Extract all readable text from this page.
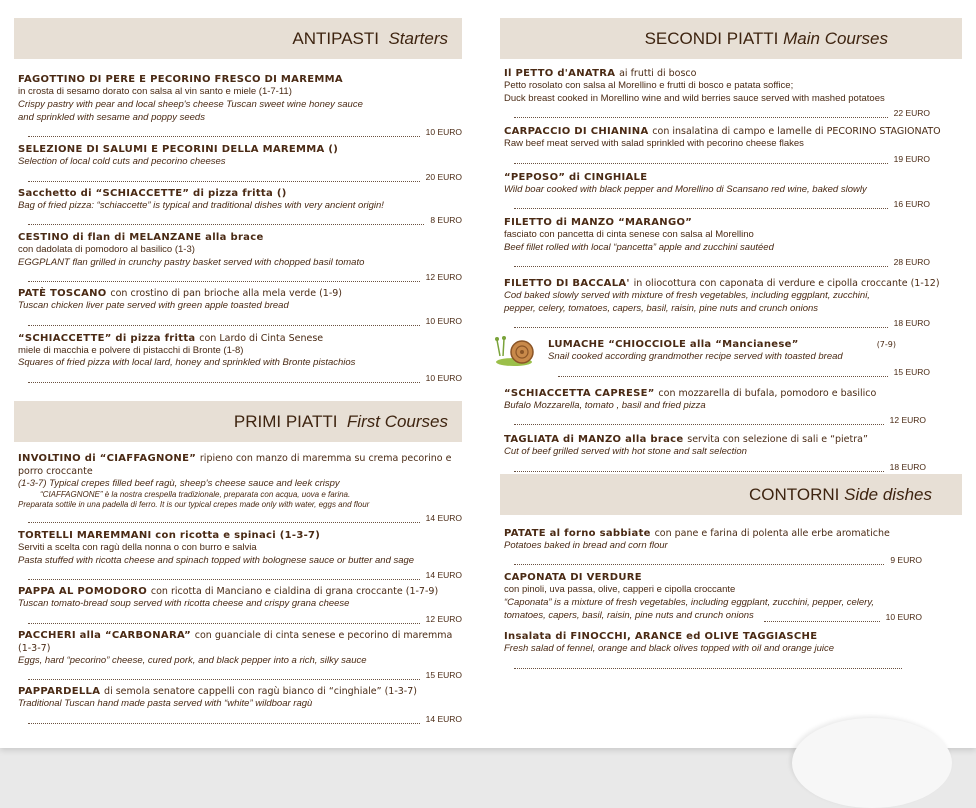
ANTIPASTI Starters
FAGOTTINO DI PERE E PECORINO FRESCO DI MAREMMA
in crosta di sesamo dorato con salsa al vin santo e miele (1-7-11)
Crispy pastry with pear and local sheep's cheese Tuscan sweet wine honey sauce
and sprinkled with sesame and poppy seeds
10 EURO
SELEZIONE DI SALUMI E PECORINI DELLA MAREMMA ()
Selection of local cold cuts and pecorino cheeses
20 EURO
Sacchetto di “SCHIACCETTE” di pizza fritta ()
Bag of fried pizza: “schiaccette” is typical and traditional dishes with very ancient origin!
8 EURO
CESTINO di flan di MELANZANE alla brace
con dadolata di pomodoro al basilico (1-3)
EGGPLANT flan grilled in crunchy pastry basket served with chopped basil tomato
12 EURO
PATÈ TOSCANO con crostino di pan brioche alla mela verde (1-9)
Tuscan chicken liver pate served with green apple toasted bread
10 EURO
“SCHIACCETTE” di pizza fritta con Lardo di Cinta Senese
miele di macchia e polvere di pistacchi di Bronte (1-8)
Squares of fried pizza with local lard, honey and sprinkled with Bronte pistachios
10 EURO
PRIMI PIATTI First Courses
INVOLTINO di “CIAFFAGNONE” ripieno con manzo di maremma su crema pecorino e porro croccante
(1-3-7) Typical crepes filled beef ragù, sheep's cheese sauce and leek crispy
“CIAFFAGNONE” è la nostra crespella tradizionale, preparata con acqua, uova e farina.
Preparata sottile in una padella di ferro. It is our typical crepes made only with water, eggs and flour
14 EURO
TORTELLI MAREMMANI con ricotta e spinaci (1-3-7)
Serviti a scelta con ragù della nonna o con burro e salvia
Pasta stuffed with ricotta cheese and spinach topped with bolognese sauce or butter and sage
14 EURO
PAPPA AL POMODORO con ricotta di Manciano e cialdina di grana croccante (1-7-9)
Tuscan tomato-bread soup served with ricotta cheese and crispy grana cheese
12 EURO
PACCHERI alla “CARBONARA” con guanciale di cinta senese e pecorino di maremma (1-3-7)
Eggs, hard “pecorino” cheese, cured pork, and black pepper into a rich, silky sauce
15 EURO
PAPPARDELLA di semola senatore cappelli con ragù bianco di “cinghiale” (1-3-7)
Traditional Tuscan hand made pasta served with “white” wildboar ragù
14 EURO
SECONDI PIATTI Main Courses
Il PETTO d'ANATRA ai frutti di bosco
Petto rosolato con salsa al Morellino e frutti di bosco e patata soffice;
Duck breast cooked in Morellino wine and wild berries sauce served with mashed potatoes
22 EURO
CARPACCIO DI CHIANINA con insalatina di campo e lamelle di PECORINO STAGIONATO
Raw beef meat served with salad sprinkled with pecorino cheese flakes
19 EURO
“PEPOSO” di CINGHIALE
Wild boar cooked with black pepper and Morellino di Scansano red wine, baked slowly
16 EURO
FILETTO di MANZO “MARANGO”
fasciato con pancetta di cinta senese con salsa al Morellino
Beef fillet rolled with local “pancetta” apple and zucchini sautéed
28 EURO
FILETTO DI BACCALA' in oliocottura con caponata di verdure e cipolla croccante (1-12)
Cod baked slowly served with mixture of fresh vegetables, including eggplant, zucchini,
pepper, celery, tomatoes, capers, basil, raisin, pine nuts and crunch onions
18 EURO
LUMACHE “CHIOCCIOLE alla “Mancianese”	(7-9)
Snail cooked according grandmother recipe served with toasted bread
15 EURO
“SCHIACCETTA CAPRESE” con mozzarella di bufala, pomodoro e basilico
Bufalo Mozzarella, tomato , basil and fried pizza
12 EURO
TAGLIATA di MANZO alla brace servita con selezione di sali e “pietra”
Cut of beef grilled served with hot stone and salt selection
18 EURO
CONTORNI Side dishes
PATATE al forno sabbiate con pane e farina di polenta alle erbe aromatiche
Potatoes baked in bread and corn flour
9 EURO
CAPONATA DI VERDURE
con pinoli, uva passa, olive, capperi e cipolla croccante
“Caponata” is a mixture of fresh vegetables, including eggplant, zucchini, pepper, celery,
tomatoes, capers, basil, raisin, pine nuts and crunch onions	10 EURO
Insalata di FINOCCHI, ARANCE ed OLIVE TAGGIASCHE
Fresh salad of fennel, orange and black olives topped with oil and orange juice
